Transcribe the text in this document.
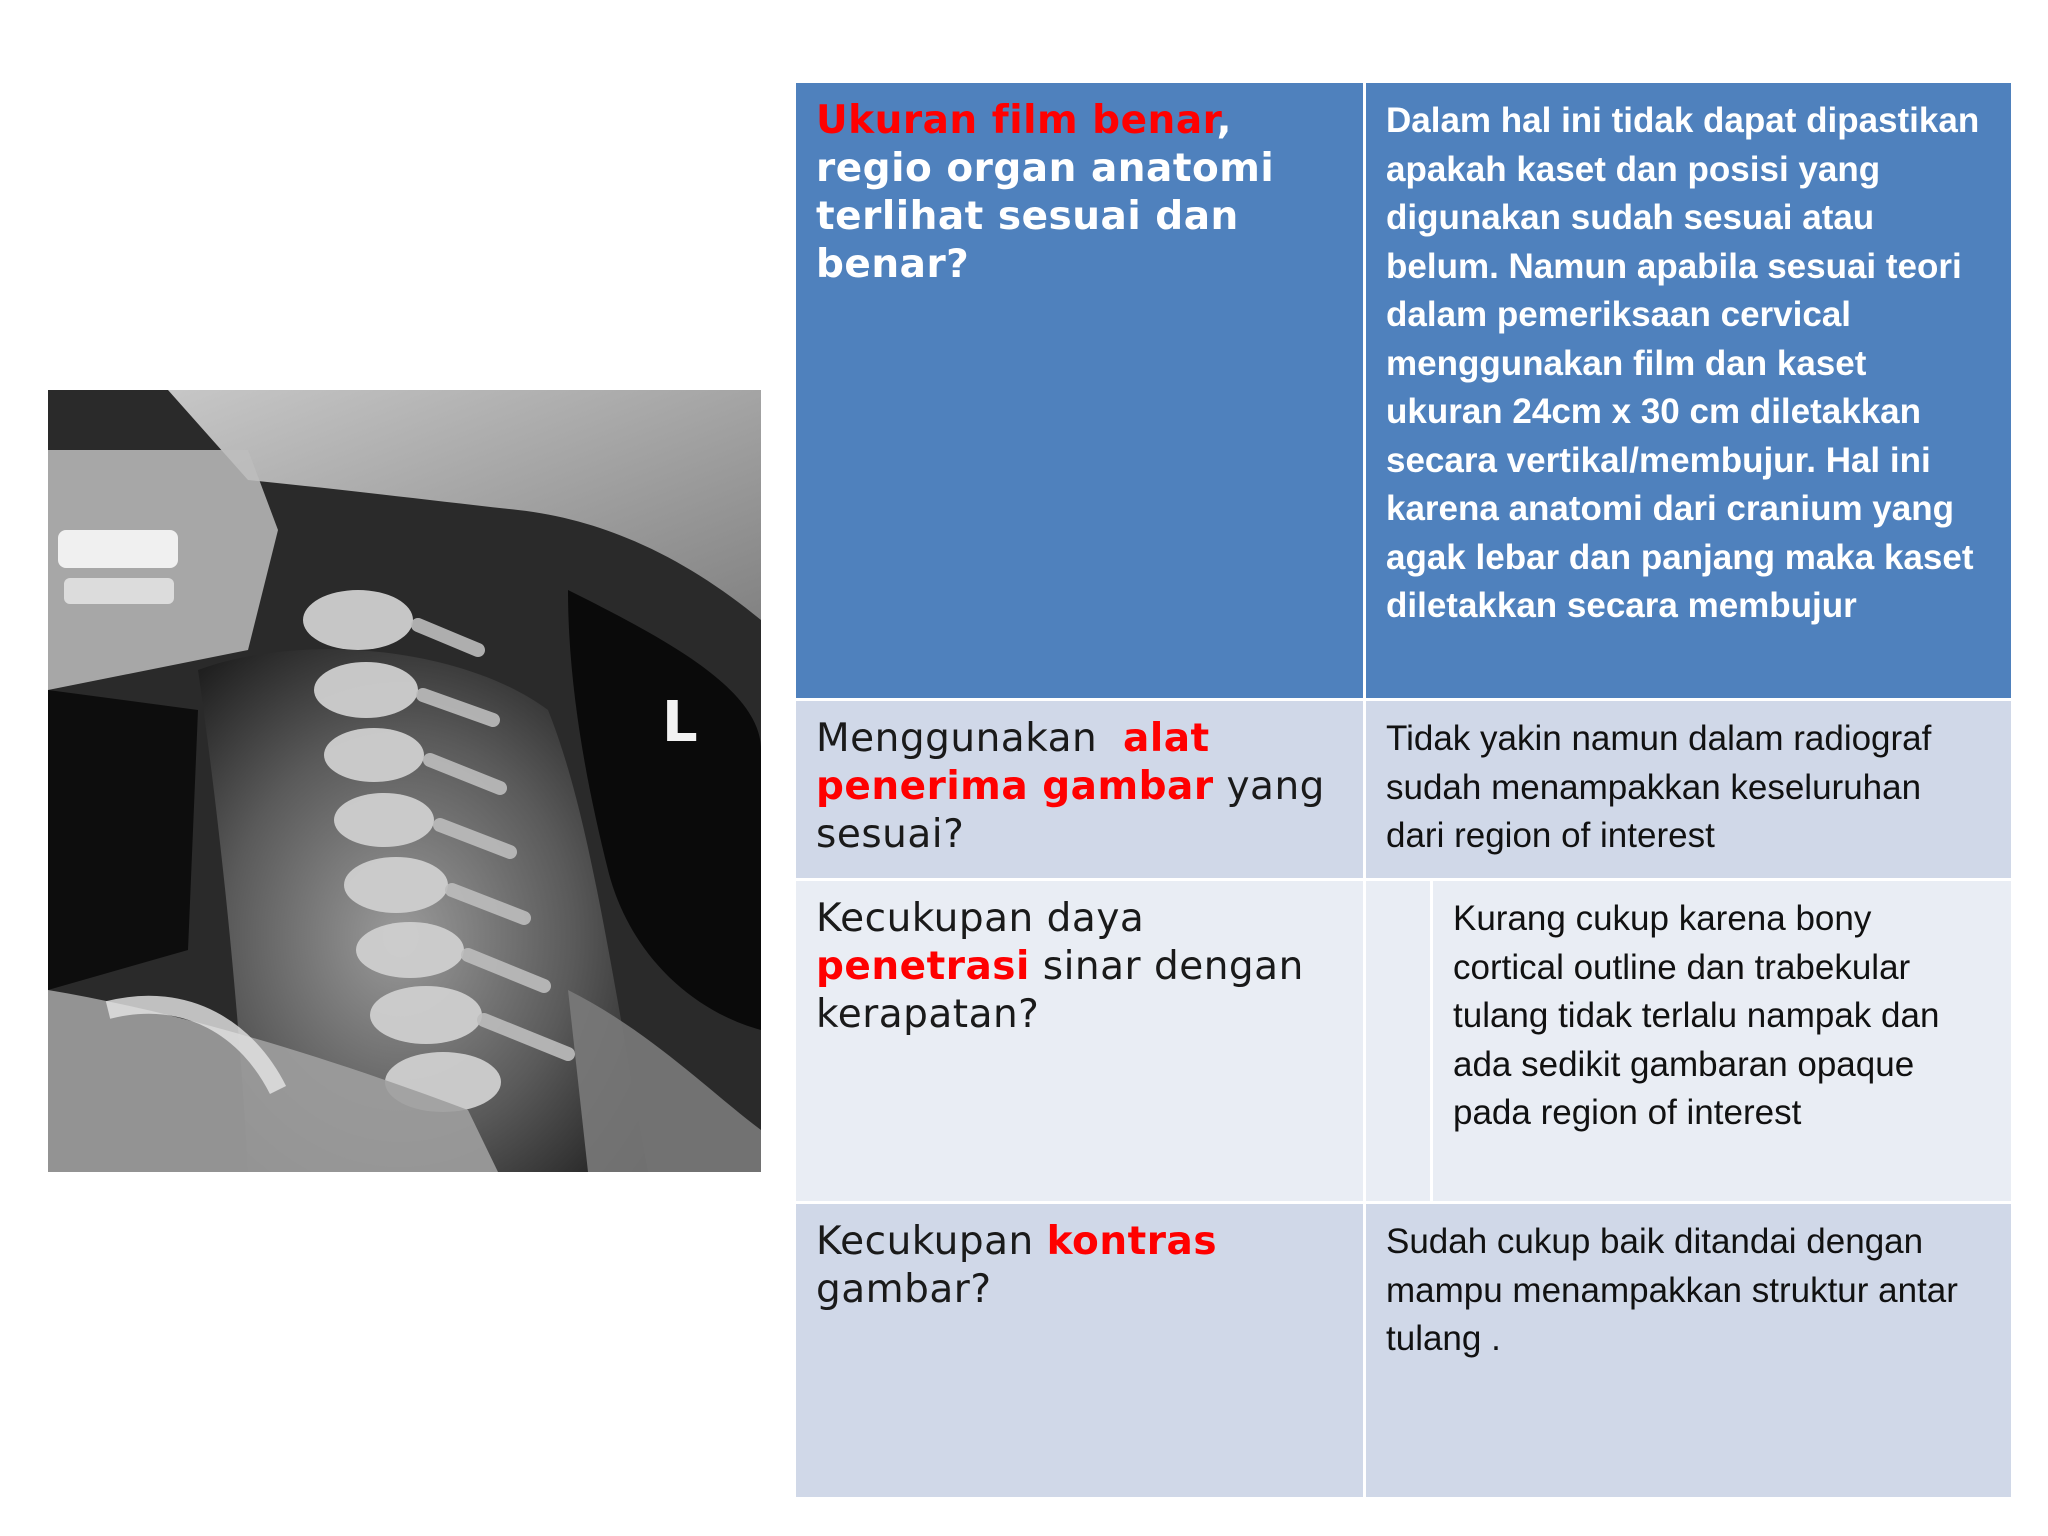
L
Ukuran film benar, regio organ anatomi terlihat sesuai dan benar?	Dalam hal ini tidak dapat dipastikan apakah kaset dan posisi yang digunakan sudah sesuai atau belum. Namun apabila sesuai teori dalam pemeriksaan cervical menggunakan film dan kaset ukuran 24cm x 30 cm diletakkan secara vertikal/membujur. Hal ini karena anatomi dari cranium yang agak lebar dan panjang maka kaset diletakkan secara membujur

Menggunakan  alat penerima gambar yang sesuai?	Tidak yakin namun dalam radiograf sudah menampakkan keseluruhan dari region of interest

Kecukupan daya penetrasi sinar dengan kerapatan?	Kurang cukup karena bony cortical outline dan trabekular tulang tidak terlalu nampak dan ada sedikit gambaran opaque pada region of interest

Kecukupan kontras gambar?	Sudah cukup baik ditandai dengan mampu menampakkan struktur antar tulang .
